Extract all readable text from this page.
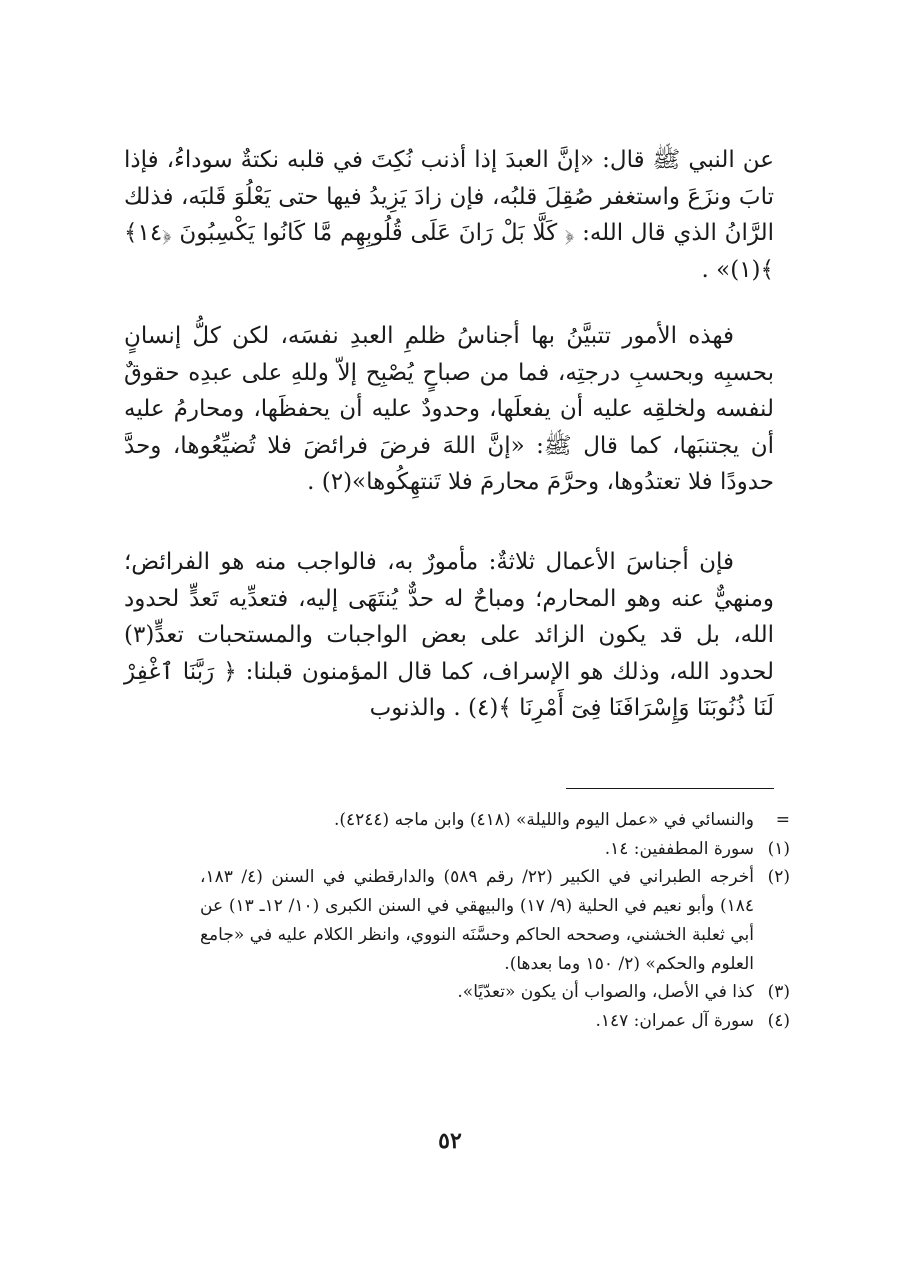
عن النبي ﷺ قال: «إنَّ العبدَ إذا أذنب نُكِتَ في قلبه نكتةٌ سوداءُ، فإذا تابَ ونزَعَ واستغفر صُقِلَ قلبُه، فإن زادَ يَزِيدُ فيها حتى يَعْلُوَ قَلبَه، فذلك الرَّانُ الذي قال الله: ﴿ كَلَّا بَلْ رَانَ عَلَى قُلُوبِهِم مَّا كَانُوا يَكْسِبُونَ ﴿١٤﴾ ﴾(١)» .

فهذه الأمور تتبيَّنُ بها أجناسُ ظلمِ العبدِ نفسَه، لكن كلُّ إنسانٍ بحسبِه وبحسبِ درجتِه، فما من صباحٍ يُصْبِح إلاّ وللهِ على عبدِه حقوقٌ لنفسه ولخلقِه عليه أن يفعلَها، وحدودٌ عليه أن يحفظَها، ومحارمُ عليه أن يجتنبَها، كما قال ﷺ: «إنَّ اللهَ فرضَ فرائضَ فلا تُضيِّعُوها، وحدَّ حدودًا فلا تعتدُوها، وحرَّمَ محارمَ فلا تَنتهِكُوها»(٢) .

فإن أجناسَ الأعمال ثلاثةٌ: مأمورٌ به، فالواجب منه هو الفرائض؛ ومنهيٌّ عنه وهو المحارم؛ ومباحٌ له حدٌّ يُنتَهَى إليه، فتعدِّيه تَعدٍّ لحدود الله، بل قد يكون الزائد على بعض الواجبات والمستحبات تعدٍّ(٣) لحدود الله، وذلك هو الإسراف، كما قال المؤمنون قبلنا: ﴿ رَبَّنَا ٱغْفِرْ لَنَا ذُنُوبَنَا وَإِسْرَافَنَا فِىٓ أَمْرِنَا ﴾(٤) . والذنوب

=
والنسائي في «عمل اليوم والليلة» (٤١٨) وابن ماجه (٤٢٤٤).
(١)
سورة المطففين: ١٤.
(٢)
أخرجه الطبراني في الكبير (٢٢/ رقم ٥٨٩) والدارقطني في السنن (٤/ ١٨٣، ١٨٤) وأبو نعيم في الحلية (٩/ ١٧) والبيهقي في السنن الكبرى (١٠/ ١٢ـ ١٣) عن أبي ثعلبة الخشني، وصححه الحاكم وحسَّنَه النووي، وانظر الكلام عليه في «جامع العلوم والحكم» (٢/ ١٥٠ وما بعدها).
(٣)
كذا في الأصل، والصواب أن يكون «تعدّيًا».
(٤)
سورة آل عمران: ١٤٧.
٥٢
